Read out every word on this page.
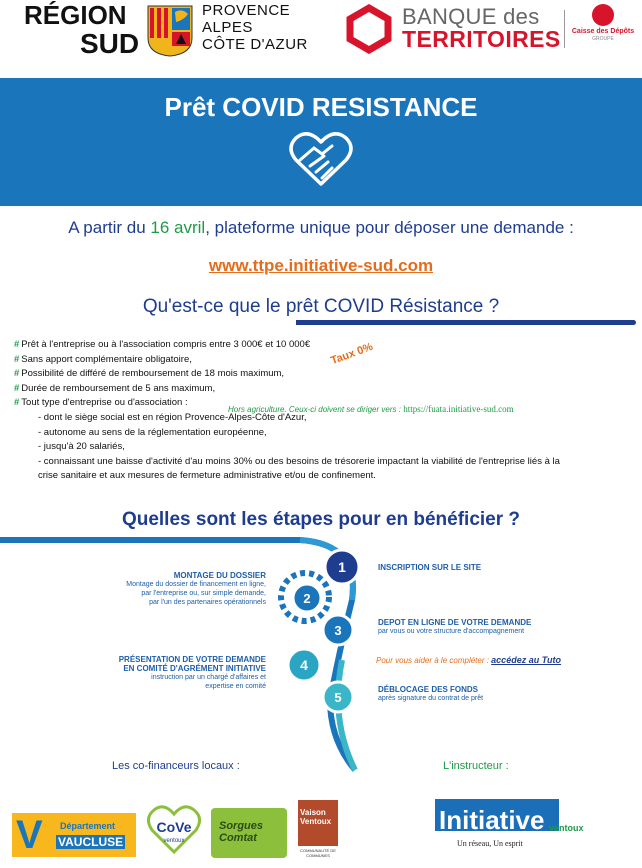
RÉGION
SUD
PROVENCE
ALPES
CÔTE D'AZUR
BANQUE des
TERRITOIRES Caisse des Dépôts
GROUPE
Prêt COVID RESISTANCE
A partir du 16 avril, plateforme unique pour déposer une demande :
www.ttpe.initiative-sud.com
Qu'est-ce que le prêt COVID Résistance ?
# Prêt à l'entreprise ou à l'association compris entre 3 000€ et 10 000€
# Sans apport complémentaire obligatoire,
# Possibilité de différé de remboursement de 18 mois maximum,
# Durée de remboursement de 5 ans maximum,
# Tout type d'entreprise ou d'association :
- dont le siège social est en région Provence-Alpes-Côte d'Azur,
- autonome au sens de la réglementation européenne,
- jusqu'à 20 salariés,
- connaissant une baisse d'activité d'au moins 30% ou des besoins de trésorerie impactant la viabilité de l'entreprise liés à la
crise sanitaire et aux mesures de fermeture administrative et/ou de confinement.
Taux 0%
Hors agriculture. Ceux-ci doivent se diriger vers : https://fuata.initiative-sud.com
Quelles sont les étapes pour en bénéficier ?
1
2
3
4
5
INSCRIPTION SUR LE SITE
MONTAGE DU DOSSIER
Montage du dossier de financement en ligne,
par l'entreprise ou, sur simple demande,
par l'un des partenaires opérationnels
DEPOT EN LIGNE DE VOTRE DEMANDE
par vous ou votre structure d'accompagnement
PRÉSENTATION DE VOTRE DEMANDE
EN COMITÉ D'AGRÉMENT INITIATIVE
instruction par un chargé d'affaires et
expertise en comité
Pour vous aider à le compléter : accédez au Tuto
DÉBLOCAGE DES FONDS
après signature du contrat de prêt
Les co-financeurs locaux :	L'instructeur :
V Département
VAUCLUSE
CoVe
ventoux
Sorgues
Comtat
Vaison
Ventoux
COMMUNAUTÉ DE COMMUNES
Initiative ventoux
Un réseau, Un esprit
